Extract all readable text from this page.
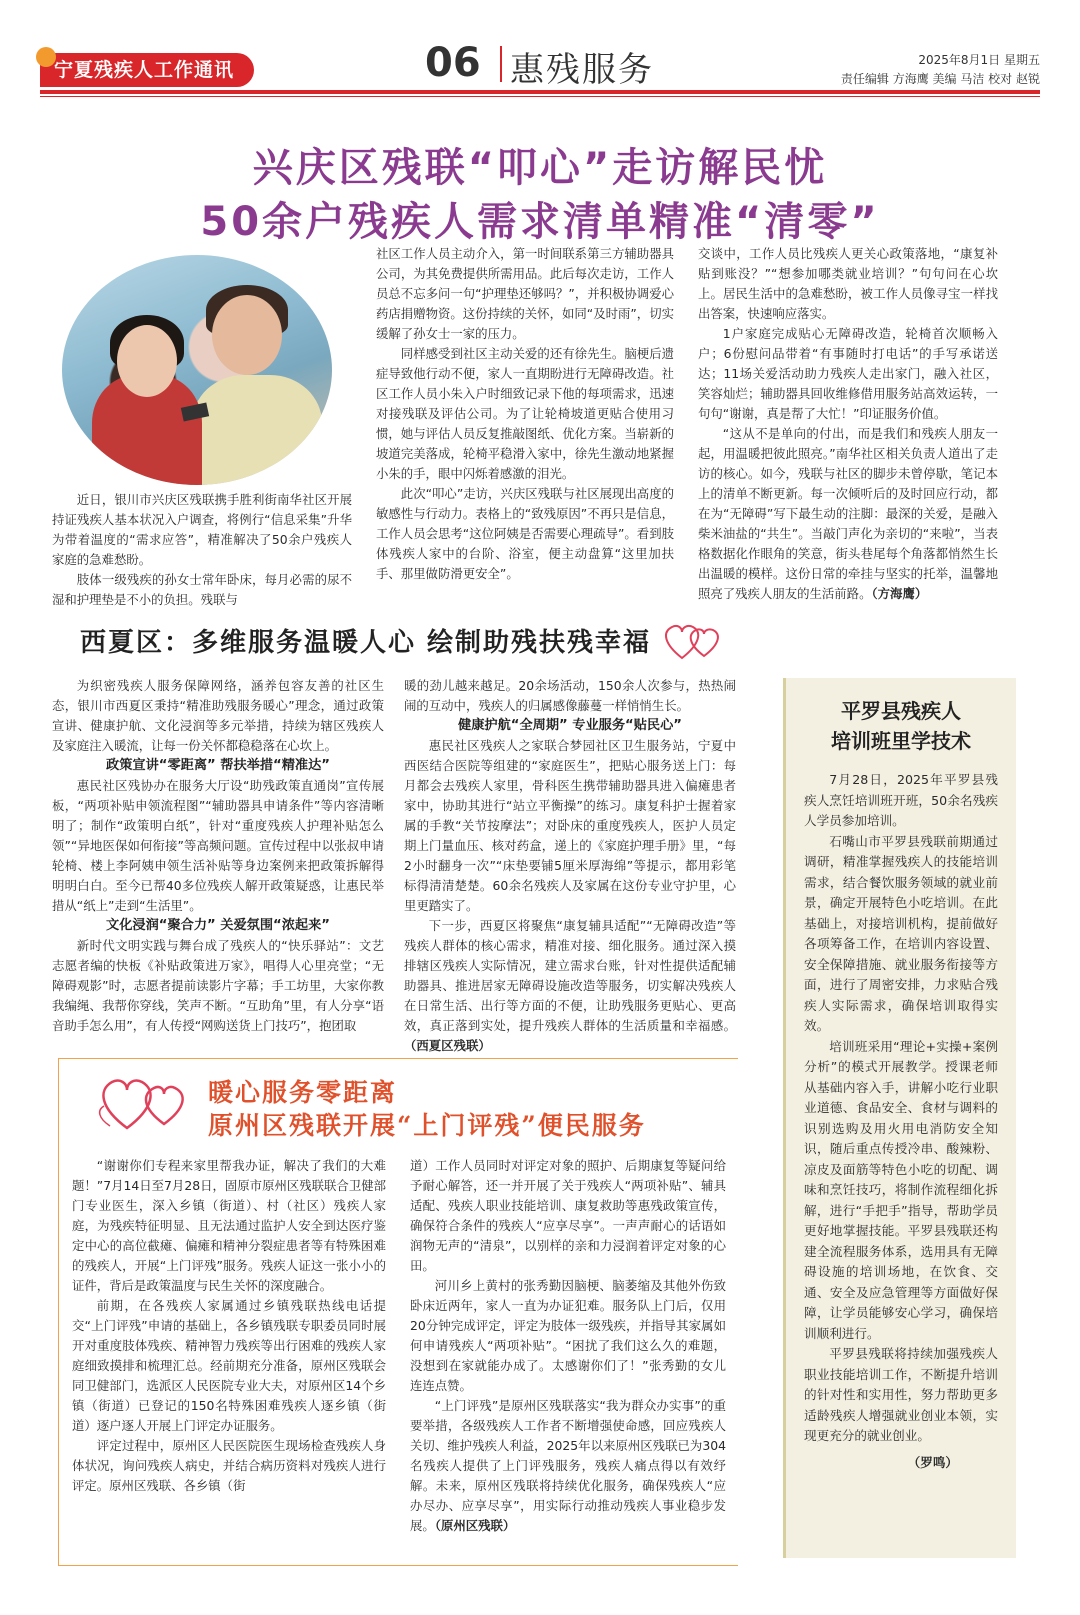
宁夏残疾人工作通讯	06 惠残服务	2025年8月1日 星期五
责任编辑 方海鹰 美编 马洁 校对 赵锐
兴庆区残联“叩心”走访解民忧
50余户残疾人需求清单精准“清零”

近日，银川市兴庆区残联携手胜利街南华社区开展持证残疾人基本状况入户调查，将例行“信息采集”升华为带着温度的“需求应答”，精准解决了50余户残疾人家庭的急难愁盼。

肢体一级残疾的孙女士常年卧床，每月必需的尿不湿和护理垫是不小的负担。残联与

社区工作人员主动介入，第一时间联系第三方辅助器具公司，为其免费提供所需用品。此后每次走访，工作人员总不忘多问一句“护理垫还够吗？”，并积极协调爱心药店捐赠物资。这份持续的关怀，如同“及时雨”，切实缓解了孙女士一家的压力。

同样感受到社区主动关爱的还有徐先生。脑梗后遗症导致他行动不便，家人一直期盼进行无障碍改造。社区工作人员小朱入户时细致记录下他的每项需求，迅速对接残联及评估公司。为了让轮椅坡道更贴合使用习惯，她与评估人员反复推敲图纸、优化方案。当崭新的坡道完美落成，轮椅平稳滑入家中，徐先生激动地紧握小朱的手，眼中闪烁着感激的泪光。

此次“叩心”走访，兴庆区残联与社区展现出高度的敏感性与行动力。表格上的“致残原因”不再只是信息，工作人员会思考“这位阿姨是否需要心理疏导”。看到肢体残疾人家中的台阶、浴室，便主动盘算“这里加扶手、那里做防滑更安全”。

交谈中，工作人员比残疾人更关心政策落地，“康复补贴到账没？”“想参加哪类就业培训？”句句问在心坎上。居民生活中的急难愁盼，被工作人员像寻宝一样找出答案，快速响应落实。

1户家庭完成贴心无障碍改造，轮椅首次顺畅入户；6份慰问品带着“有事随时打电话”的手写承诺送达；11场关爱活动助力残疾人走出家门，融入社区，笑容灿烂；辅助器具回收维修借用服务站高效运转，一句句“谢谢，真是帮了大忙！”印证服务价值。

“这从不是单向的付出，而是我们和残疾人朋友一起，用温暖把彼此照亮。”南华社区相关负责人道出了走访的核心。如今，残联与社区的脚步未曾停歇，笔记本上的清单不断更新。每一次倾听后的及时回应行动，都在为“无障碍”写下最生动的注脚：最深的关爱，是融入柴米油盐的“共生”。当敲门声化为亲切的“来啦”，当表格数据化作眼角的笑意，街头巷尾每个角落都悄然生长出温暖的模样。这份日常的牵挂与坚实的托举，温馨地照亮了残疾人朋友的生活前路。（方海鹰）

西夏区：多维服务温暖人心 绘制助残扶残幸福

为织密残疾人服务保障网络，涵养包容友善的社区生态，银川市西夏区秉持“精准助残服务暖心”理念，通过政策宣讲、健康护航、文化浸润等多元举措，持续为辖区残疾人及家庭注入暖流，让每一份关怀都稳稳落在心坎上。

政策宣讲“零距离” 帮扶举措“精准达”

惠民社区残协办在服务大厅设“助残政策直通岗”宣传展板，“两项补贴申领流程图”“辅助器具申请条件”等内容清晰明了；制作“政策明白纸”，针对“重度残疾人护理补贴怎么领”“异地医保如何衔接”等高频问题。宣传过程中以张叔申请轮椅、楼上李阿姨申领生活补贴等身边案例来把政策拆解得明明白白。至今已帮40多位残疾人解开政策疑惑，让惠民举措从“纸上”走到“生活里”。

文化浸润“聚合力” 关爱氛围“浓起来”

新时代文明实践与舞台成了残疾人的“快乐驿站”：文艺志愿者编的快板《补贴政策进万家》，唱得人心里亮堂；“无障碍观影”时，志愿者提前读影片字幕；手工坊里，大家你教我编绳、我帮你穿线，笑声不断。“互助角”里，有人分享“语音助手怎么用”，有人传授“网购送货上门技巧”，抱团取

暖的劲儿越来越足。20余场活动，150余人次参与，热热闹闹的互动中，残疾人的归属感像藤蔓一样悄悄生长。

健康护航“全周期” 专业服务“贴民心”

惠民社区残疾人之家联合梦园社区卫生服务站，宁夏中西医结合医院等组建的“家庭医生”，把贴心服务送上门：每月都会去残疾人家里，骨科医生携带辅助器具进入偏瘫患者家中，协助其进行“站立平衡操”的练习。康复科护士握着家属的手教“关节按摩法”；对卧床的重度残疾人，医护人员定期上门量血压、核对药盒，递上的《家庭护理手册》里，“每2小时翻身一次”“床垫要铺5厘米厚海绵”等提示，都用彩笔标得清清楚楚。60余名残疾人及家属在这份专业守护里，心里更踏实了。

下一步，西夏区将聚焦“康复辅具适配”“无障碍改造”等残疾人群体的核心需求，精准对接、细化服务。通过深入摸排辖区残疾人实际情况，建立需求台账，针对性提供适配辅助器具、推进居家无障碍设施改造等服务，切实解决残疾人在日常生活、出行等方面的不便，让助残服务更贴心、更高效，真正落到实处，提升残疾人群体的生活质量和幸福感。（西夏区残联）

平罗县残疾人
培训班里学技术

7月28日，2025年平罗县残疾人烹饪培训班开班，50余名残疾人学员参加培训。

石嘴山市平罗县残联前期通过调研，精准掌握残疾人的技能培训需求，结合餐饮服务领域的就业前景，确定开展特色小吃培训。在此基础上，对接培训机构，提前做好各项筹备工作，在培训内容设置、安全保障措施、就业服务衔接等方面，进行了周密安排，力求贴合残疾人实际需求，确保培训取得实效。

培训班采用“理论+实操+案例分析”的模式开展教学。授课老师从基础内容入手，讲解小吃行业职业道德、食品安全、食材与调料的识别选购及用火用电消防安全知识，随后重点传授冷串、酸辣粉、凉皮及面筋等特色小吃的切配、调味和烹饪技巧，将制作流程细化拆解，进行“手把手”指导，帮助学员更好地掌握技能。平罗县残联还构建全流程服务体系，选用具有无障碍设施的培训场地，在饮食、交通、安全及应急管理等方面做好保障，让学员能够安心学习，确保培训顺利进行。

平罗县残联将持续加强残疾人职业技能培训工作，不断提升培训的针对性和实用性，努力帮助更多适龄残疾人增强就业创业本领，实现更充分的就业创业。

（罗鸣）

暖心服务零距离
原州区残联开展“上门评残”便民服务

“谢谢你们专程来家里帮我办证，解决了我们的大难题！”7月14日至7月28日，固原市原州区残联联合卫健部门专业医生，深入乡镇（街道）、村（社区）残疾人家庭，为残疾特征明显、且无法通过监护人安全到达医疗鉴定中心的高位截瘫、偏瘫和精神分裂症患者等有特殊困难的残疾人，开展“上门评残”服务。残疾人证这一张小小的证件，背后是政策温度与民生关怀的深度融合。

前期，在各残疾人家属通过乡镇残联热线电话提交“上门评残”申请的基础上，各乡镇残联专职委员同时展开对重度肢体残疾、精神智力残疾等出行困难的残疾人家庭细致摸排和梳理汇总。经前期充分准备，原州区残联会同卫健部门，选派区人民医院专业大夫，对原州区14个乡镇（街道）已登记的150名特殊困难残疾人逐乡镇（街道）逐户逐人开展上门评定办证服务。

评定过程中，原州区人民医院医生现场检查残疾人身体状况，询问残疾人病史，并结合病历资料对残疾人进行评定。原州区残联、各乡镇（街

道）工作人员同时对评定对象的照护、后期康复等疑问给予耐心解答，还一并开展了关于残疾人“两项补贴”、辅具适配、残疾人职业技能培训、康复救助等惠残政策宣传，确保符合条件的残疾人“应享尽享”。一声声耐心的话语如润物无声的“清泉”，以别样的亲和力浸润着评定对象的心田。

河川乡上黄村的张秀勤因脑梗、脑萎缩及其他外伤致卧床近两年，家人一直为办证犯难。服务队上门后，仅用20分钟完成评定，评定为肢体一级残疾，并指导其家属如何申请残疾人“两项补贴”。“困扰了我们这么久的难题，没想到在家就能办成了。太感谢你们了！”张秀勤的女儿连连点赞。

“上门评残”是原州区残联落实“我为群众办实事”的重要举措，各级残疾人工作者不断增强使命感，回应残疾人关切、维护残疾人利益，2025年以来原州区残联已为304名残疾人提供了上门评残服务，残疾人痛点得以有效纾解。未来，原州区残联将持续优化服务，确保残疾人“应办尽办、应享尽享”，用实际行动推动残疾人事业稳步发展。（原州区残联）
